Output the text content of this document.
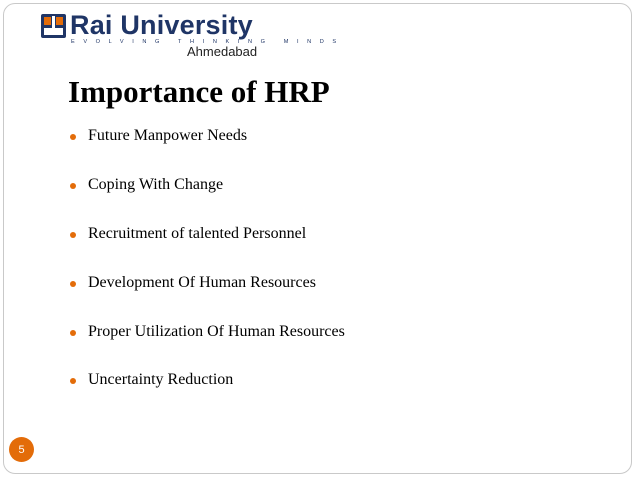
Rai University
EVOLVING THINKING MINDS
Ahmedabad
Importance of HRP
Future Manpower Needs
Coping With Change
Recruitment of talented Personnel
Development Of Human Resources
Proper Utilization Of Human Resources
Uncertainty Reduction
5
